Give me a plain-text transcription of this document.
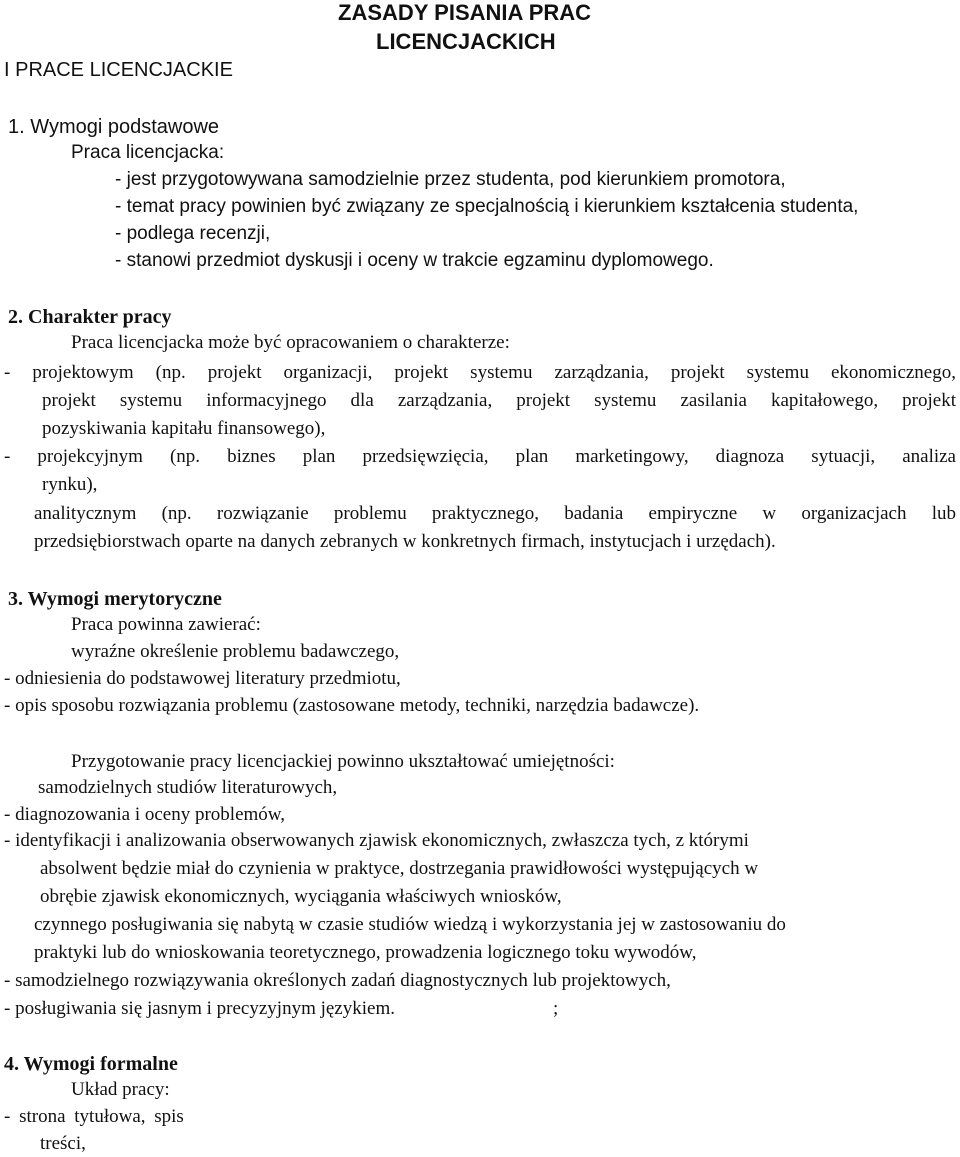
ZASADY PISANIA PRAC
LICENCJACKICH
I PRACE LICENCJACKIE
1. Wymogi podstawowe
Praca licencjacka:
- jest przygotowywana samodzielnie przez studenta, pod kierunkiem promotora,
- temat pracy powinien być związany ze specjalnością i kierunkiem kształcenia studenta,
- podlega recenzji,
- stanowi przedmiot dyskusji i oceny w trakcie egzaminu dyplomowego.
2. Charakter pracy
Praca licencjacka może być opracowaniem o charakterze:
- projektowym (np. projekt organizacji, projekt systemu zarządzania, projekt systemu ekonomicznego,
projekt systemu informacyjnego dla zarządzania, projekt systemu zasilania kapitałowego, projekt
pozyskiwania kapitału finansowego),
- projekcyjnym (np. biznes plan przedsięwzięcia, plan marketingowy, diagnoza sytuacji, analiza
rynku),
analitycznym (np. rozwiązanie problemu praktycznego, badania empiryczne w organizacjach lub
przedsiębiorstwach oparte na danych zebranych w konkretnych firmach, instytucjach i urzędach).
3. Wymogi merytoryczne
Praca powinna zawierać:
wyraźne określenie problemu badawczego,
- odniesienia do podstawowej literatury przedmiotu,
- opis sposobu rozwiązania problemu (zastosowane metody, techniki, narzędzia badawcze).
Przygotowanie pracy licencjackiej powinno ukształtować umiejętności:
samodzielnych studiów literaturowych,
- diagnozowania i oceny problemów,
- identyfikacji i analizowania obserwowanych zjawisk ekonomicznych, zwłaszcza tych, z którymi
absolwent będzie miał do czynienia w praktyce, dostrzegania prawidłowości występujących w
obrębie zjawisk ekonomicznych, wyciągania właściwych wniosków,
czynnego posługiwania się nabytą w czasie studiów wiedzą i wykorzystania jej w zastosowaniu do
praktyki lub do wnioskowania teoretycznego, prowadzenia logicznego toku wywodów,
- samodzielnego rozwiązywania określonych zadań diagnostycznych lub projektowych,
- posługiwania się jasnym i precyzyjnym językiem.	;
4. Wymogi formalne
Układ pracy:
- strona tytułowa, spis
treści,
